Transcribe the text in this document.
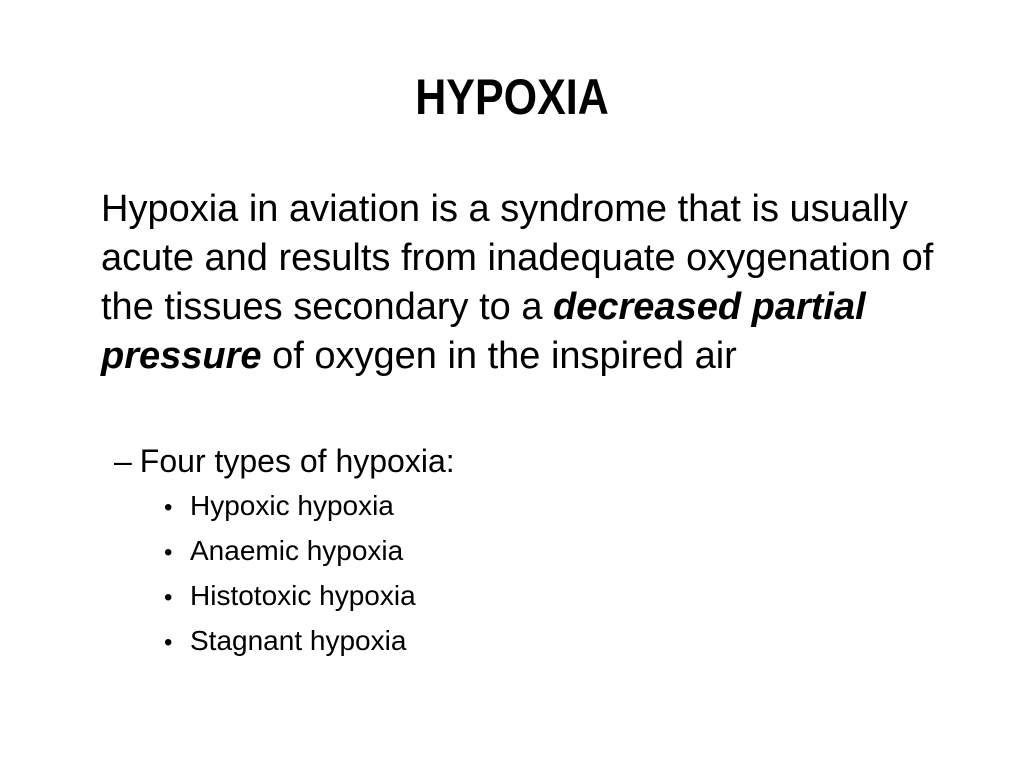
HYPOXIA

Hypoxia in aviation is a syndrome that is usually acute and results from inadequate oxygenation of the tissues secondary to a decreased partial pressure of oxygen in the inspired air

– Four types of hypoxia:

• Hypoxic hypoxia
• Anaemic hypoxia
• Histotoxic hypoxia
• Stagnant hypoxia
